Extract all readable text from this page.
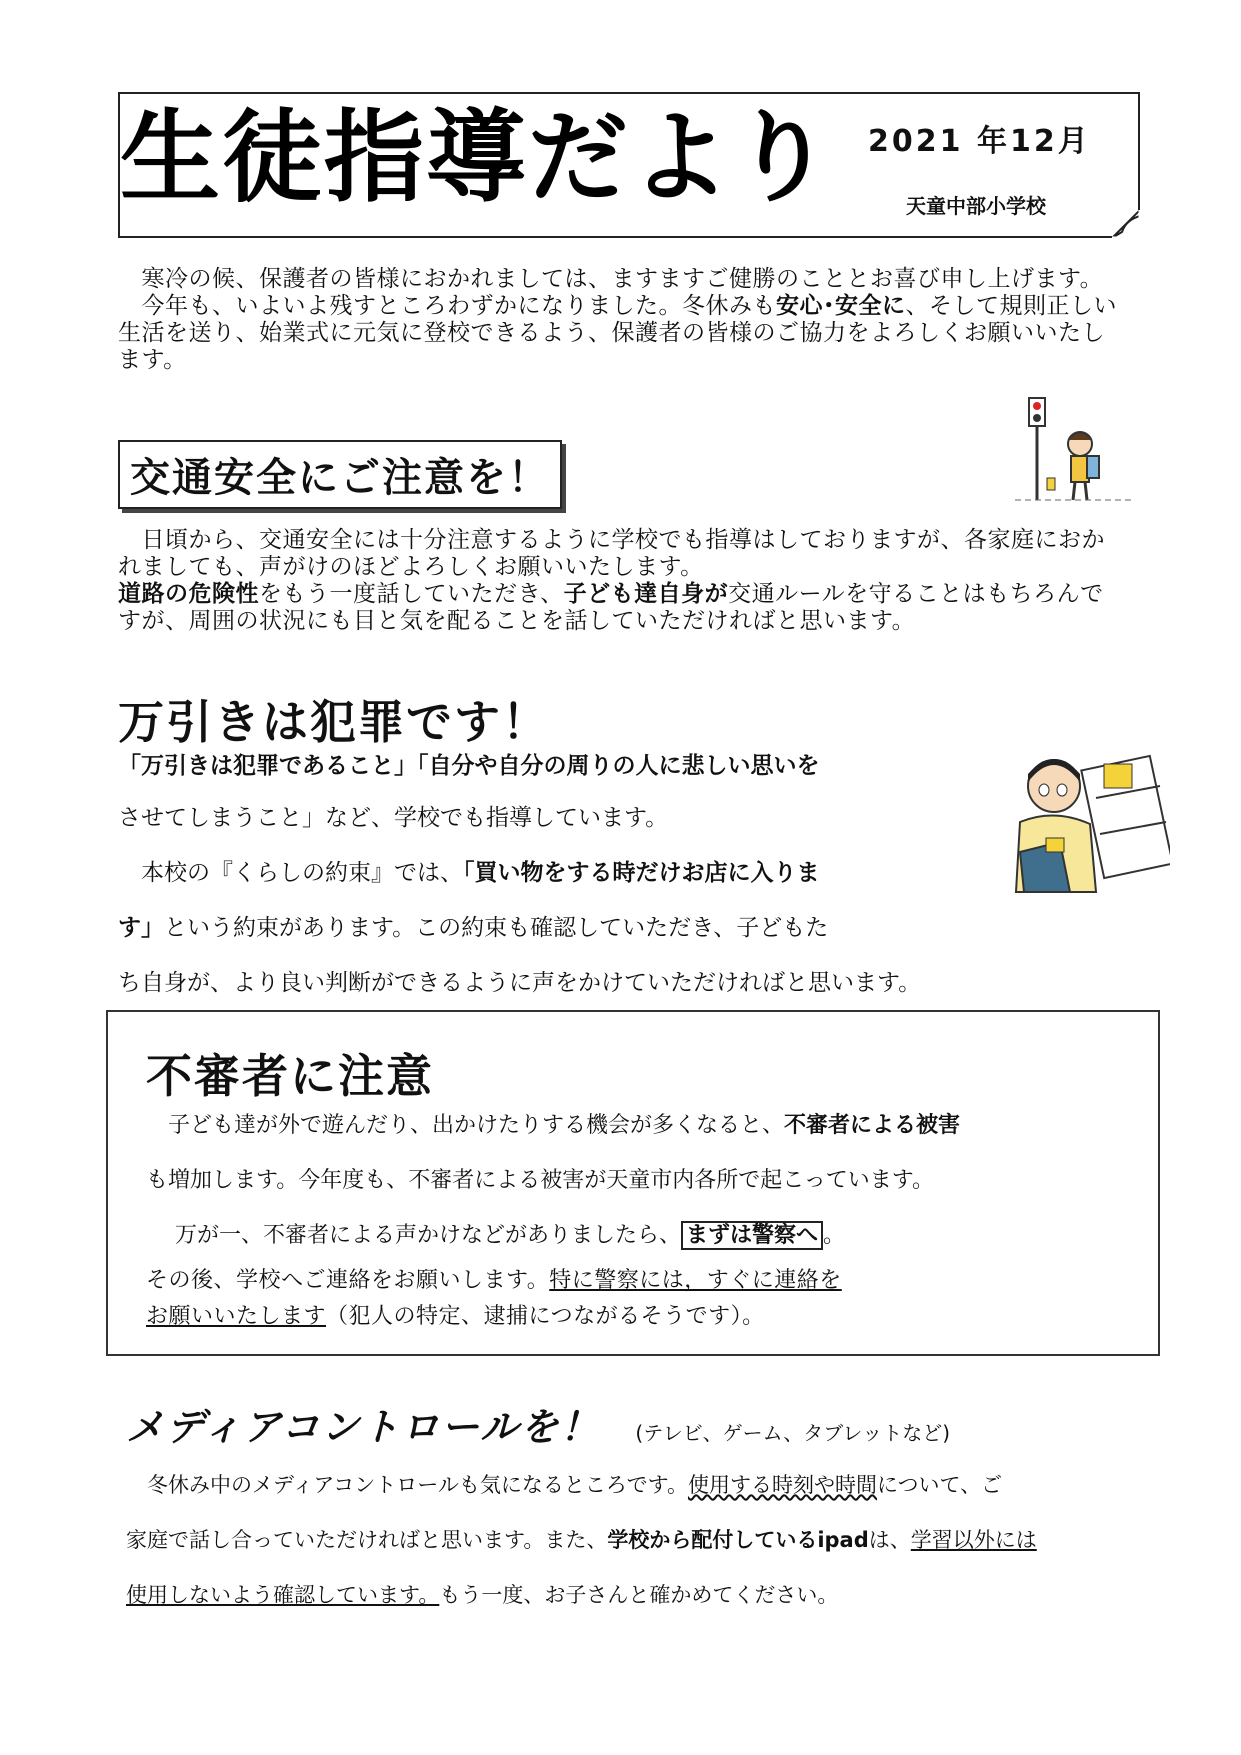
生徒指導だより 2021 年12月
天童中部小学校

　寒冷の候、保護者の皆様におかれましては、ますますご健勝のこととお喜び申し上げます。

　今年も、いよいよ残すところわずかになりました。冬休みも安心･安全に、そして規則正しい生活を送り、始業式に元気に登校できるよう、保護者の皆様のご協力をよろしくお願いいたします。

交通安全にご注意を！

　日頃から、交通安全には十分注意するように学校でも指導はしておりますが、各家庭におかれましても、声がけのほどよろしくお願いいたします。

道路の危険性をもう一度話していただき、子ども達自身が交通ルールを守ることはもちろんですが、周囲の状況にも目と気を配ることを話していただければと思います。

万引きは犯罪です！

「万引きは犯罪であること」「自分や自分の周りの人に悲しい思いを

させてしまうこと」など、学校でも指導しています。

　本校の『くらしの約束』では、「買い物をする時だけお店に入りま

す」という約束があります。この約束も確認していただき、子どもた

ち自身が、より良い判断ができるように声をかけていただければと思います。

不審者に注意

　子ども達が外で遊んだり、出かけたりする機会が多くなると、不審者による被害

も増加します。今年度も、不審者による被害が天童市内各所で起こっています。

　 万が一、不審者による声かけなどがありましたら、 まずは警察へ 。

その後、学校へご連絡をお願いします。特に警察には，すぐに連絡を

お願いいたします（犯人の特定、逮捕につながるそうです）。

メディアコントロールを！ (テレビ、ゲーム、タブレットなど)

　冬休み中のメディアコントロールも気になるところです。使用する時刻や時間について、ご

家庭で話し合っていただければと思います。また、学校から配付しているipadは、学習以外には

使用しないよう確認しています。もう一度、お子さんと確かめてください。
